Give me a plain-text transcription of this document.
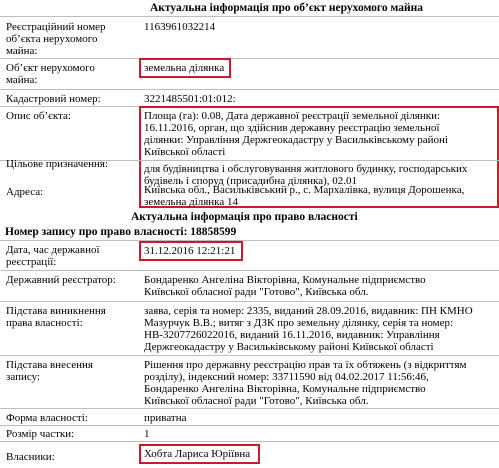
Актуальна інформація про об’єкт нерухомого майна
Реєстраційний номер
об’єкта нерухомого
майна:
1163961032214
Об’єкт нерухомого
майна:
земельна ділянка
Кадастровий номер:	3221485501:01:012:
Опис об’єкта:	Площа (га): 0.08, Дата державної реєстрації земельної ділянки:
16.11.2016, орган, що здійснив державну реєстрацію земельної
ділянки: Управління Держгеокадастру у Васильківському районі
Київської області
Цільове призначення:	для будівництва і обслуговування житлового будинку, господарських
будівель і споруд (присадибна ділянка), 02.01
Адреса:	Київська обл., Васильківський р., с. Мархалівка, вулиця Дорошенка,
земельна ділянка 14
Актуальна інформація про право власності
Номер запису про право власності: 18858599
Дата, час державної
реєстрації:
31.12.2016 12:21:21
Державний реєстратор:	Бондаренко Ангеліна Вікторівна, Комунальне підприємство
Київської обласної ради "Готово", Київська обл.
Підстава виникнення
права власності:
заява, серія та номер: 2335, виданий 28.09.2016, видавник: ПН КМНО
Мазурчук В.В.; витяг з ДЗК про земельну ділянку, серія та номер:
НВ-3207726022016, виданий 16.11.2016, видавник: Управління
Держгеокадастру у Васильківському районі Київської області
Підстава внесення
запису:
Рішення про державну реєстрацію прав та їх обтяжень (з відкриттям
розділу), індексний номер: 33711590 від 04.02.2017 11:56:46,
Бондаренко Ангеліна Вікторівна, Комунальне підприємство
Київської обласної ради "Готово", Київська обл.
Форма власності:	приватна
Розмір частки:	1
Власники:	Хобта Лариса Юріївна
